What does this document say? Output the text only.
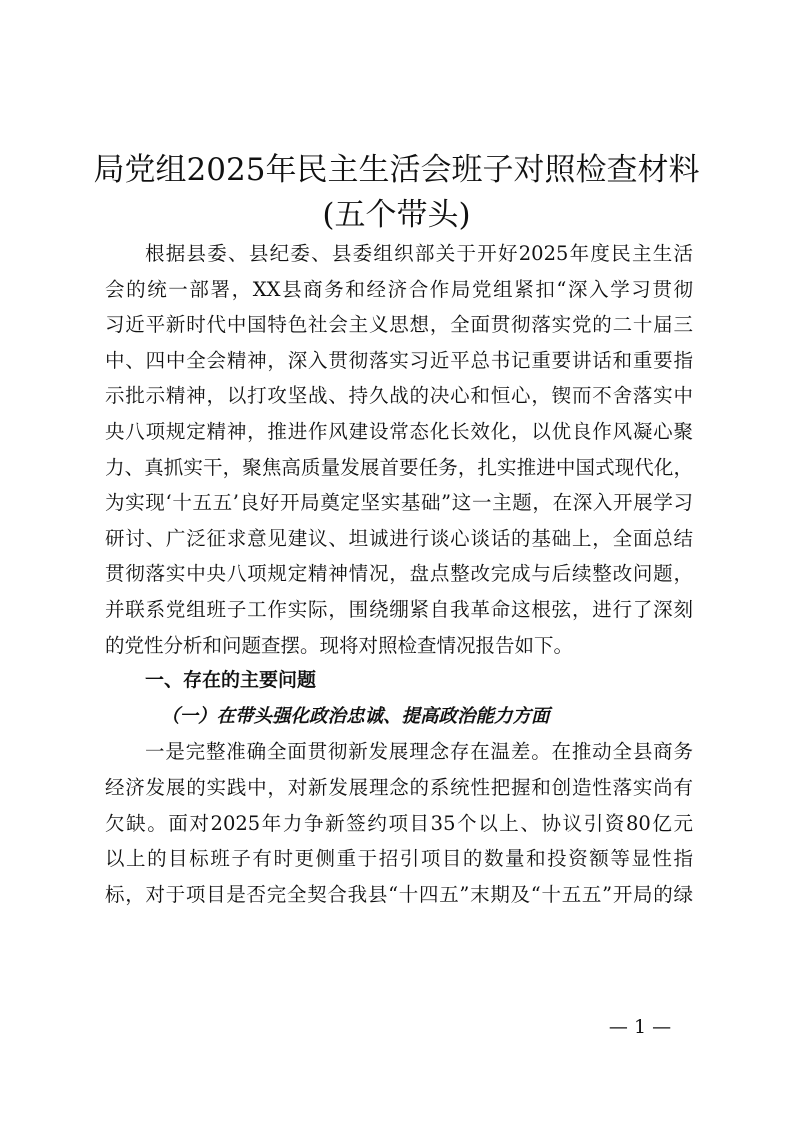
局党组2025年民主生活会班子对照检查材料
(五个带头)
根据县委、县纪委、县委组织部关于开好2025年度民主生活
会的统一部署，XX县商务和经济合作局党组紧扣“深入学习贯彻
习近平新时代中国特色社会主义思想，全面贯彻落实党的二十届三
中、四中全会精神，深入贯彻落实习近平总书记重要讲话和重要指
示批示精神，以打攻坚战、持久战的决心和恒心，锲而不舍落实中
央八项规定精神，推进作风建设常态化长效化，以优良作风凝心聚
力、真抓实干，聚焦高质量发展首要任务，扎实推进中国式现代化，
为实现‘十五五’良好开局奠定坚实基础”这一主题，在深入开展学习
研讨、广泛征求意见建议、坦诚进行谈心谈话的基础上，全面总结
贯彻落实中央八项规定精神情况，盘点整改完成与后续整改问题，
并联系党组班子工作实际，围绕绷紧自我革命这根弦，进行了深刻
的党性分析和问题查摆。现将对照检查情况报告如下。
一、存在的主要问题
（一）在带头强化政治忠诚、提高政治能力方面
一是完整准确全面贯彻新发展理念存在温差。在推动全县商务
经济发展的实践中，对新发展理念的系统性把握和创造性落实尚有
欠缺。面对2025年力争新签约项目35个以上、协议引资80亿元
以上的目标班子有时更侧重于招引项目的数量和投资额等显性指
标，对于项目是否完全契合我县“十四五”末期及“十五五”开局的绿
— 1 —
